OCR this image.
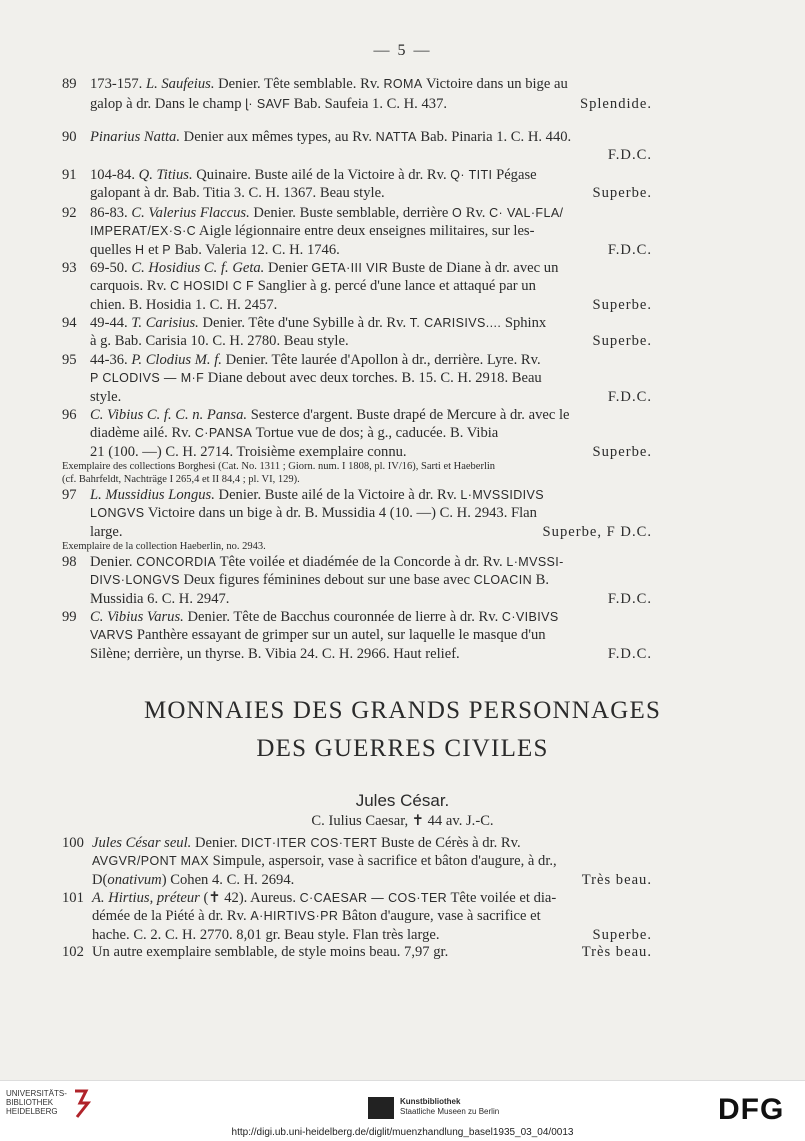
— 5 —
89 173-157. L. Saufeius. Denier. Tête semblable. Rv. ROMA Victoire dans un bige au
galop à dr. Dans le champ ɭ· SAVF Bab. Saufeia 1. C. H. 437.	Splendide.
90 Pinarius Natta. Denier aux mêmes types, au Rv. NATTA Bab. Pinaria 1. C. H. 440.
F.D.C.

91 104-84. Q. Titius. Quinaire. Buste ailé de la Victoire à dr. Rv. Q· TITI Pégase
galopant à dr. Bab. Titia 3. C. H. 1367. Beau style.	Superbe.
92 86-83. C. Valerius Flaccus. Denier. Buste semblable, derrière O Rv. C· VAL·FLA/
IMPERAT/EX·S·C Aigle légionnaire entre deux enseignes militaires, sur les-
quelles H et P Bab. Valeria 12. C. H. 1746.	F.D.C.
93 69-50. C. Hosidius C. f. Geta. Denier GETA·III VIR Buste de Diane à dr. avec un
carquois. Rv. C HOSIDI C F Sanglier à g. percé d'une lance et attaqué par un
chien. B. Hosidia 1. C. H. 2457.	Superbe.
94 49-44. T. Carisius. Denier. Tête d'une Sybille à dr. Rv. T. CARISIVS.... Sphinx
à g. Bab. Carisia 10. C. H. 2780. Beau style.	Superbe.
95 44-36. P. Clodius M. f. Denier. Tête laurée d'Apollon à dr., derrière. Lyre. Rv.
P CLODIVS — M·F Diane debout avec deux torches. B. 15. C. H. 2918. Beau
style.	F.D.C.
96 C. Vibius C. f. C. n. Pansa. Sesterce d'argent. Buste drapé de Mercure à dr. avec le
diadème ailé. Rv. C·PANSA Tortue vue de dos; à g., caducée. B. Vibia
21 (100. —) C. H. 2714. Troisième exemplaire connu.	Superbe.
Exemplaire des collections Borghesi (Cat. No. 1311 ; Giorn. num. I 1808, pl. IV/16), Sarti et Haeberlin
(cf. Bahrfeldt, Nachträge I 265,4 et II 84,4 ; pl. VI, 129).
97 L. Mussidius Longus. Denier. Buste ailé de la Victoire à dr. Rv. L·MVSSIDIVS
LONGVS Victoire dans un bige à dr. B. Mussidia 4 (10. —) C. H. 2943. Flan
large.	Superbe, F D.C.
Exemplaire de la collection Haeberlin, no. 2943.
98 Denier. CONCORDIA Tête voilée et diadémée de la Concorde à dr. Rv. L·MVSSI-
DIVS·LONGVS Deux figures féminines debout sur une base avec CLOACIN B.
Mussidia 6. C. H. 2947.	F.D.C.
99 C. Vibius Varus. Denier. Tête de Bacchus couronnée de lierre à dr. Rv. C·VIBIVS
VARVS Panthère essayant de grimper sur un autel, sur laquelle le masque d'un
Silène; derrière, un thyrse. B. Vibia 24. C. H. 2966. Haut relief.	F.D.C.
MONNAIES DES GRANDS PERSONNAGES
DES GUERRES CIVILES
Jules César.
C. Iulius Caesar, ✝ 44 av. J.-C.
100 Jules César seul. Denier. DICT·ITER COS·TERT Buste de Cérès à dr. Rv.
AVGVR/PONT MAX Simpule, aspersoir, vase à sacrifice et bâton d'augure, à dr.,
D(onativum) Cohen 4. C. H. 2694.	Très beau.
101 A. Hirtius, préteur (✝ 42). Aureus. C·CAESAR — COS·TER Tête voilée et dia-
démée de la Piété à dr. Rv. A·HIRTIVS·PR Bâton d'augure, vase à sacrifice et
hache. C. 2. C. H. 2770. 8,01 gr. Beau style. Flan très large.	Superbe.
102 Un autre exemplaire semblable, de style moins beau. 7,97 gr.	Très beau.
UNIVERSITÄTS-
BIBLIOTHEK
HEIDELBERG
Kunstbibliothek
Staatliche Museen zu Berlin	DFG
http://digi.ub.uni-heidelberg.de/diglit/muenzhandlung_basel1935_03_04/0013
